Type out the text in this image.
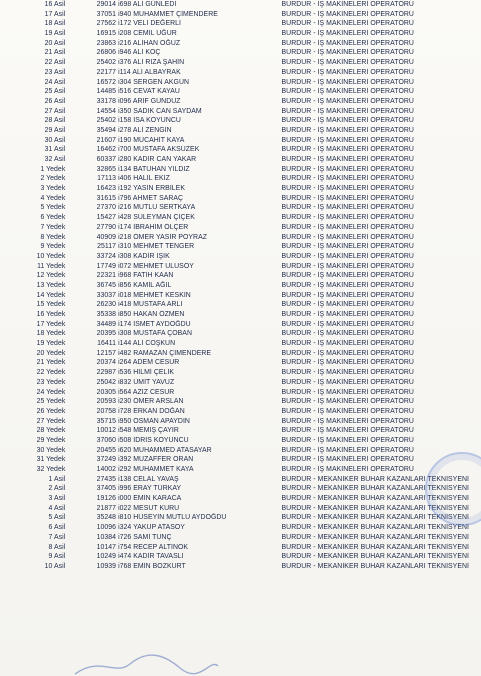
16 Asil	29014	i698 ALİ GÜNLEDİ	BURDUR - İŞ MAKİNELERİ OPERATÖRÜ
17 Asil	37051	i940 MUHAMMET ÇİMENDERE	BURDUR - İŞ MAKİNELERİ OPERATÖRÜ
18 Asil	27562	i172 VELİ DEĞERLİ	BURDUR - İŞ MAKİNELERİ OPERATÖRÜ
19 Asil	16915	i208 CEMİL UĞUR	BURDUR - İŞ MAKİNELERİ OPERATÖRÜ
20 Asil	23863	i216 ALİHAN OĞUZ	BURDUR - İŞ MAKİNELERİ OPERATÖRÜ
21 Asil	26806	i946 ALİ KOÇ	BURDUR - İŞ MAKİNELERİ OPERATÖRÜ
22 Asil	25402	i376 ALİ RIZA ŞAHİN	BURDUR - İŞ MAKİNELERİ OPERATÖRÜ
23 Asil	22177	i114 ALİ ALBAYRAK	BURDUR - İŞ MAKİNELERİ OPERATÖRÜ
24 Asil	16572	i304 SERGEN AKGÜN	BURDUR - İŞ MAKİNELERİ OPERATÖRÜ
25 Asil	14485	i516 CEVAT KAYAU	BURDUR - İŞ MAKİNELERİ OPERATÖRÜ
26 Asil	33178	i096 ARİF GÜNDÜZ	BURDUR - İŞ MAKİNELERİ OPERATÖRÜ
27 Asil	14554	i350 SADIK CAN SAYDAM	BURDUR - İŞ MAKİNELERİ OPERATÖRÜ
28 Asil	25402	i158 İSA KOYUNCU	BURDUR - İŞ MAKİNELERİ OPERATÖRÜ
29 Asil	35494	i278 ALİ ZENGİN	BURDUR - İŞ MAKİNELERİ OPERATÖRÜ
30 Asil	21607	i190 MÜCAHİT KAYA	BURDUR - İŞ MAKİNELERİ OPERATÖRÜ
31 Asil	16462	i700 MUSTAFA AKSÜZEK	BURDUR - İŞ MAKİNELERİ OPERATÖRÜ
32 Asil	60337	i280 KADİR CAN YAKAR	BURDUR - İŞ MAKİNELERİ OPERATÖRÜ
1 Yedek	32865	i134 BATUHAN YILDIZ	BURDUR - İŞ MAKİNELERİ OPERATÖRÜ
2 Yedek	17113	i406 HALİL EKİZ	BURDUR - İŞ MAKİNELERİ OPERATÖRÜ
3 Yedek	16423	i192 YASİN ERBİLEK	BURDUR - İŞ MAKİNELERİ OPERATÖRÜ
4 Yedek	31615	i796 AHMET SARAÇ	BURDUR - İŞ MAKİNELERİ OPERATÖRÜ
5 Yedek	27370	i216 MUTLU SERTKAYA	BURDUR - İŞ MAKİNELERİ OPERATÖRÜ
6 Yedek	15427	i428 SÜLEYMAN ÇİÇEK	BURDUR - İŞ MAKİNELERİ OPERATÖRÜ
7 Yedek	27790	i174 İBRAHİM ÖLÇER	BURDUR - İŞ MAKİNELERİ OPERATÖRÜ
8 Yedek	40909	i218 ÖMER YASİR POYRAZ	BURDUR - İŞ MAKİNELERİ OPERATÖRÜ
9 Yedek	25117	i310 MEHMET TENGER	BURDUR - İŞ MAKİNELERİ OPERATÖRÜ
10 Yedek	33724	i308 KADİR IŞIK	BURDUR - İŞ MAKİNELERİ OPERATÖRÜ
11 Yedek	17749	i072 MEHMET ULUSOY	BURDUR - İŞ MAKİNELERİ OPERATÖRÜ
12 Yedek	22321	i968 FATİH KAAN	BURDUR - İŞ MAKİNELERİ OPERATÖRÜ
13 Yedek	36745	i856 KAMİL AĞIL	BURDUR - İŞ MAKİNELERİ OPERATÖRÜ
14 Yedek	33037	i018 MEHMET KESKİN	BURDUR - İŞ MAKİNELERİ OPERATÖRÜ
15 Yedek	26230	i418 MUSTAFA ARLI	BURDUR - İŞ MAKİNELERİ OPERATÖRÜ
16 Yedek	35338	i850 HAKAN ÖZMEN	BURDUR - İŞ MAKİNELERİ OPERATÖRÜ
17 Yedek	34489	i174 İSMET AYDOĞDU	BURDUR - İŞ MAKİNELERİ OPERATÖRÜ
18 Yedek	20395	i308 MUSTAFA ÇOBAN	BURDUR - İŞ MAKİNELERİ OPERATÖRÜ
19 Yedek	16411	i144 ALİ COŞKUN	BURDUR - İŞ MAKİNELERİ OPERATÖRÜ
20 Yedek	12157	i482 RAMAZAN ÇİMENDERE	BURDUR - İŞ MAKİNELERİ OPERATÖRÜ
21 Yedek	20374	i264 ADEM CESUR	BURDUR - İŞ MAKİNELERİ OPERATÖRÜ
22 Yedek	22987	i536 HİLMİ ÇELİK	BURDUR - İŞ MAKİNELERİ OPERATÖRÜ
23 Yedek	25042	i832 ÜMİT YAVUZ	BURDUR - İŞ MAKİNELERİ OPERATÖRÜ
24 Yedek	20305	i564 AZİZ CESUR	BURDUR - İŞ MAKİNELERİ OPERATÖRÜ
25 Yedek	20593	i230 ÖMER ARSLAN	BURDUR - İŞ MAKİNELERİ OPERATÖRÜ
26 Yedek	20758	i728 ERKAN DOĞAN	BURDUR - İŞ MAKİNELERİ OPERATÖRÜ
27 Yedek	35715	i950 OSMAN APAYDIN	BURDUR - İŞ MAKİNELERİ OPERATÖRÜ
28 Yedek	10012	i548 MEMİŞ ÇAYIR	BURDUR - İŞ MAKİNELERİ OPERATÖRÜ
29 Yedek	37060	i508 İDRİS KOYUNCU	BURDUR - İŞ MAKİNELERİ OPERATÖRÜ
30 Yedek	20455	i620 MUHAMMED ATASAYAR	BURDUR - İŞ MAKİNELERİ OPERATÖRÜ
31 Yedek	37249	i392 MUZAFFER ORAN	BURDUR - İŞ MAKİNELERİ OPERATÖRÜ
32 Yedek	14002	i292 MUHAMMET KAYA	BURDUR - İŞ MAKİNELERİ OPERATÖRÜ
1 Asil	27435	i138 CELAL YAVAŞ	BURDUR - MEKANİKER BUHAR KAZANLARI TEKNİSYENİ
2 Asil	37405	i996 ERAY TÜRKAY	BURDUR - MEKANİKER BUHAR KAZANLARI TEKNİSYENİ
3 Asil	19126	i000 EMİN KARACA	BURDUR - MEKANİKER BUHAR KAZANLARI TEKNİSYENİ
4 Asil	21877	i022 MESUT KURU	BURDUR - MEKANİKER BUHAR KAZANLARI TEKNİSYENİ
5 Asil	35248	i810 HÜSEYİN MUTLU AYDOĞDU	BURDUR - MEKANİKER BUHAR KAZANLARI TEKNİSYENİ
6 Asil	10096	i324 YAKUP ATASOY	BURDUR - MEKANİKER BUHAR KAZANLARI TEKNİSYENİ
7 Asil	10384	i726 SAMİ TUNÇ	BURDUR - MEKANİKER BUHAR KAZANLARI TEKNİSYENİ
8 Asil	10147	i754 RECEP ALTINOK	BURDUR - MEKANİKER BUHAR KAZANLARI TEKNİSYENİ
9 Asil	10249	i474 KADİR TAVASLI	BURDUR - MEKANİKER BUHAR KAZANLARI TEKNİSYENİ
10 Asil	10939	i768 EMİN BOZKURT	BURDUR - MEKANİKER BUHAR KAZANLARI TEKNİSYENİ
